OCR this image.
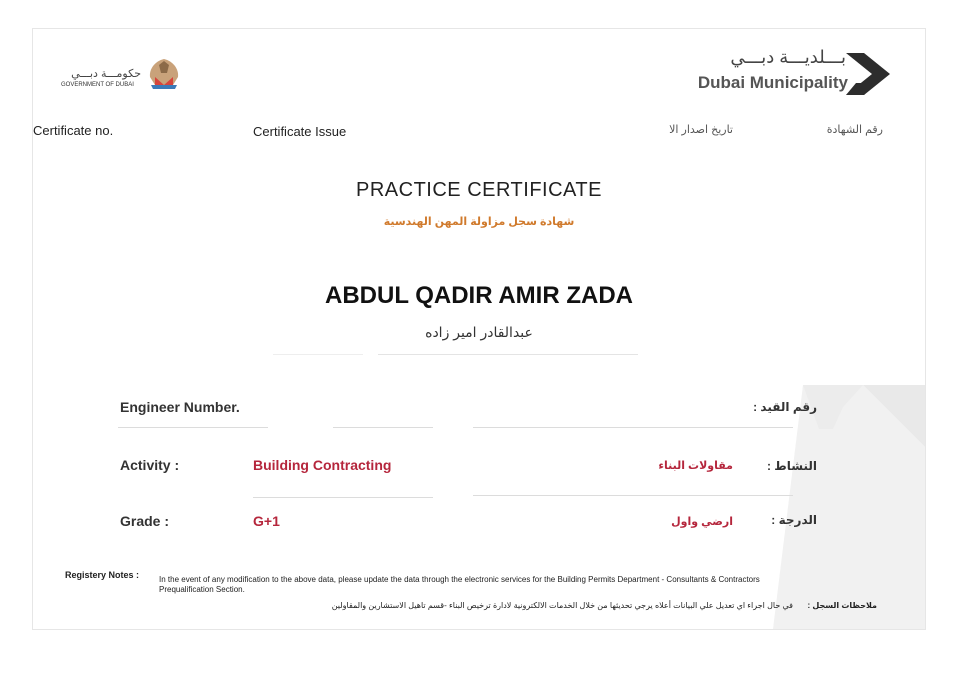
حكومـــة دبـــي
GOVERNMENT OF DUBAI
بـــلديـــة دبـــي
Dubai Municipality
Certificate no.	Certificate Issue	تاريخ اصدار الا	رقم الشهادة
PRACTICE CERTIFICATE
شهادة سجل مزاولة المهن الهندسية
ABDUL QADIR AMIR ZADA
عبدالقادر امير زاده
Engineer Number.	رقم القيد :
Activity :	Building Contracting	مقاولات البناء	النشاط :
Grade :	G+1	ارضي واول	الدرجة :
Registery Notes : In the event of any modification to the above data, please update the data through the electronic services for the Building Permits Department - Consultants & Contractors
Prequalification Section.
في حال اجراء اي تعديل علي البيانات أعلاه يرجي تحديثها من خلال الخدمات الالكترونية لادارة ترخيص البناء -قسم تاهيل الاستشارين والمقاولين	ملاحظات السجل :
